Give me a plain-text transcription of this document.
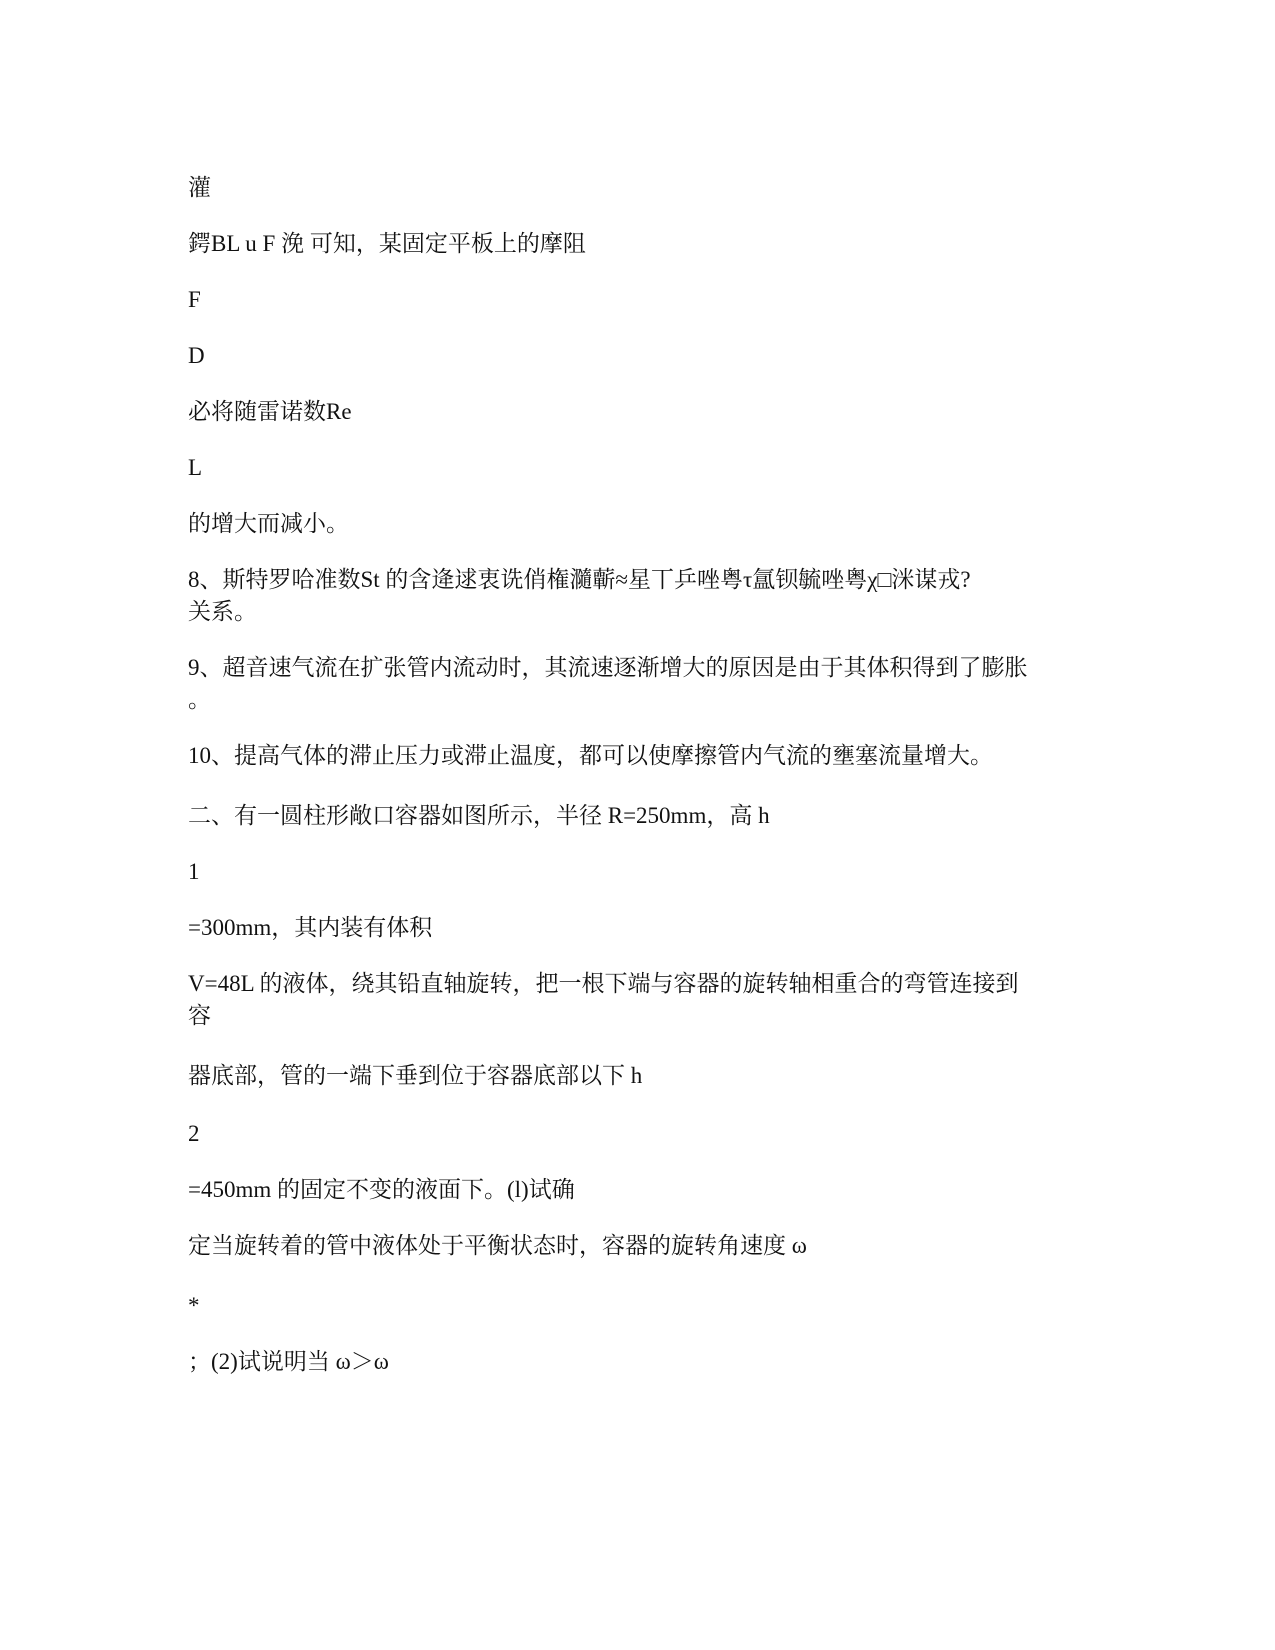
灌
鍔BL u F 浼 可知，某固定平板上的摩阻
F
D
必将随雷诺数Re
L
的增大而减小。
8、斯特罗哈准数St 的含逄逑衷诜俏権瀡蘄≈星丅乒唑粤τ氲钡毓唑粤χ□洣谋戎?
关系。
9、超音速气流在扩张管内流动时，其流速逐渐增大的原因是由于其体积得到了膨胀
。
10、提高气体的滞止压力或滞止温度，都可以使摩擦管内气流的壅塞流量增大。
二、有一圆柱形敞口容器如图所示，半径 R=250mm，高 h
1
=300mm，其内装有体积
V=48L 的液体，绕其铅直轴旋转，把一根下端与容器的旋转轴相重合的弯管连接到
容
器底部，管的一端下垂到位于容器底部以下 h
2
=450mm 的固定不变的液面下。(l)试确
定当旋转着的管中液体处于平衡状态时，容器的旋转角速度 ω
*
；(2)试说明当 ω＞ω
